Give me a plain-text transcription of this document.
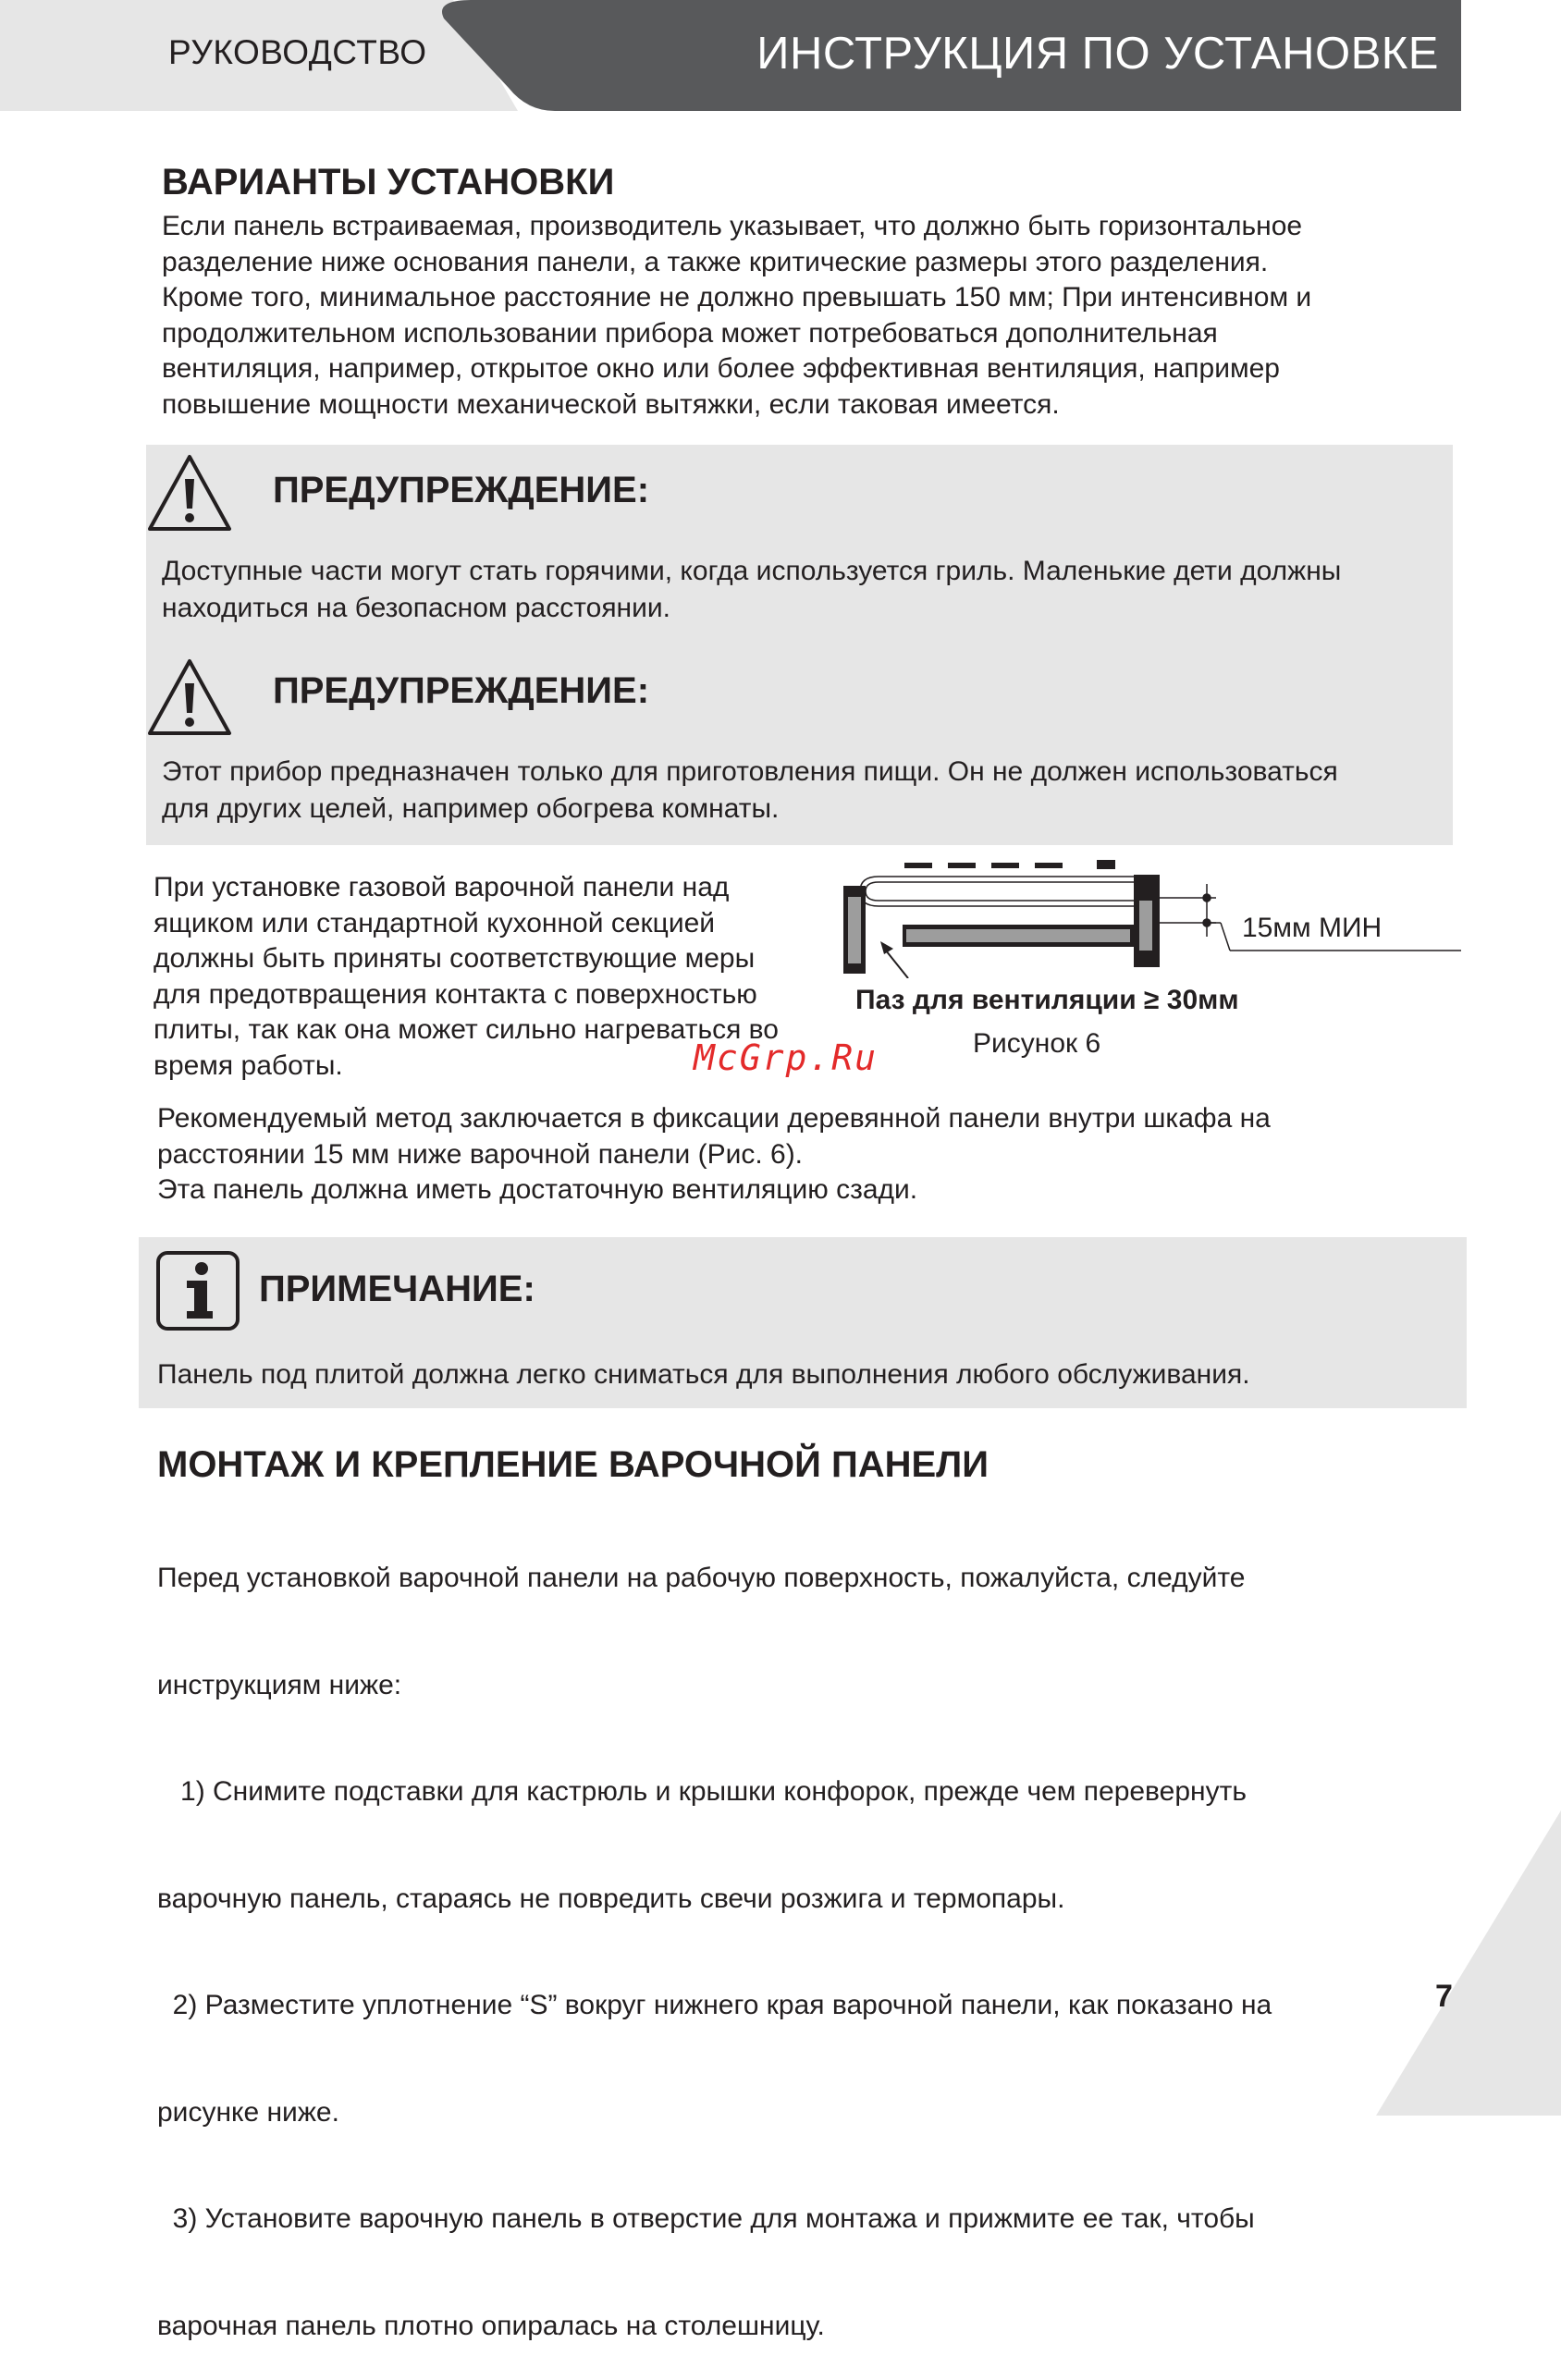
РУКОВОДСТВО	ИНСТРУКЦИЯ ПО УСТАНОВКЕ
ВАРИАНТЫ УСТАНОВКИ
Если панель встраиваемая, производитель указывает, что должно быть горизонтальное
разделение ниже основания панели, а также критические размеры этого разделения.
Кроме того, минимальное расстояние не должно превышать 150 мм; При интенсивном и
продолжительном использовании прибора может потребоваться дополнительная
вентиляция, например, открытое окно или более эффективная вентиляция, например
повышение мощности механической вытяжки, если таковая имеется.
ПРЕДУПРЕЖДЕНИЕ:
Доступные части могут стать горячими, когда используется гриль. Маленькие дети должны
находиться на безопасном расстоянии.
ПРЕДУПРЕЖДЕНИЕ:
Этот прибор предназначен только для приготовления пищи. Он не должен использоваться
для других целей, например обогрева комнаты.
При установке газовой варочной панели над
ящиком или стандартной кухонной секцией
должны быть приняты соответствующие меры
для предотвращения контакта с поверхностью
плиты, так как она может сильно нагреваться во
время работы.
15мм МИН
Паз для вентиляции ≥ 30мм
Рисунок 6
McGrp.Ru
Рекомендуемый метод заключается в фиксации деревянной панели внутри шкафа на
расстоянии 15 мм ниже варочной панели (Рис. 6).
Эта панель должна иметь достаточную вентиляцию сзади.
ПРИМЕЧАНИЕ:
Панель под плитой должна легко сниматься для выполнения любого обслуживания.
МОНТАЖ И КРЕПЛЕНИЕ ВАРОЧНОЙ ПАНЕЛИ

Перед установкой варочной панели на рабочую поверхность, пожалуйста, следуйте

инструкциям ниже:

1) Снимите подставки для кастрюль и крышки конфорок, прежде чем перевернуть

варочную панель, стараясь не повредить свечи розжига и термопары.

2) Разместите уплотнение “S” вокруг нижнего края варочной панели, как показано на

рисунке ниже.

3) Установите варочную панель в отверстие для монтажа и прижмите ее так, чтобы

варочная панель плотно опиралась на столешницу.

7
